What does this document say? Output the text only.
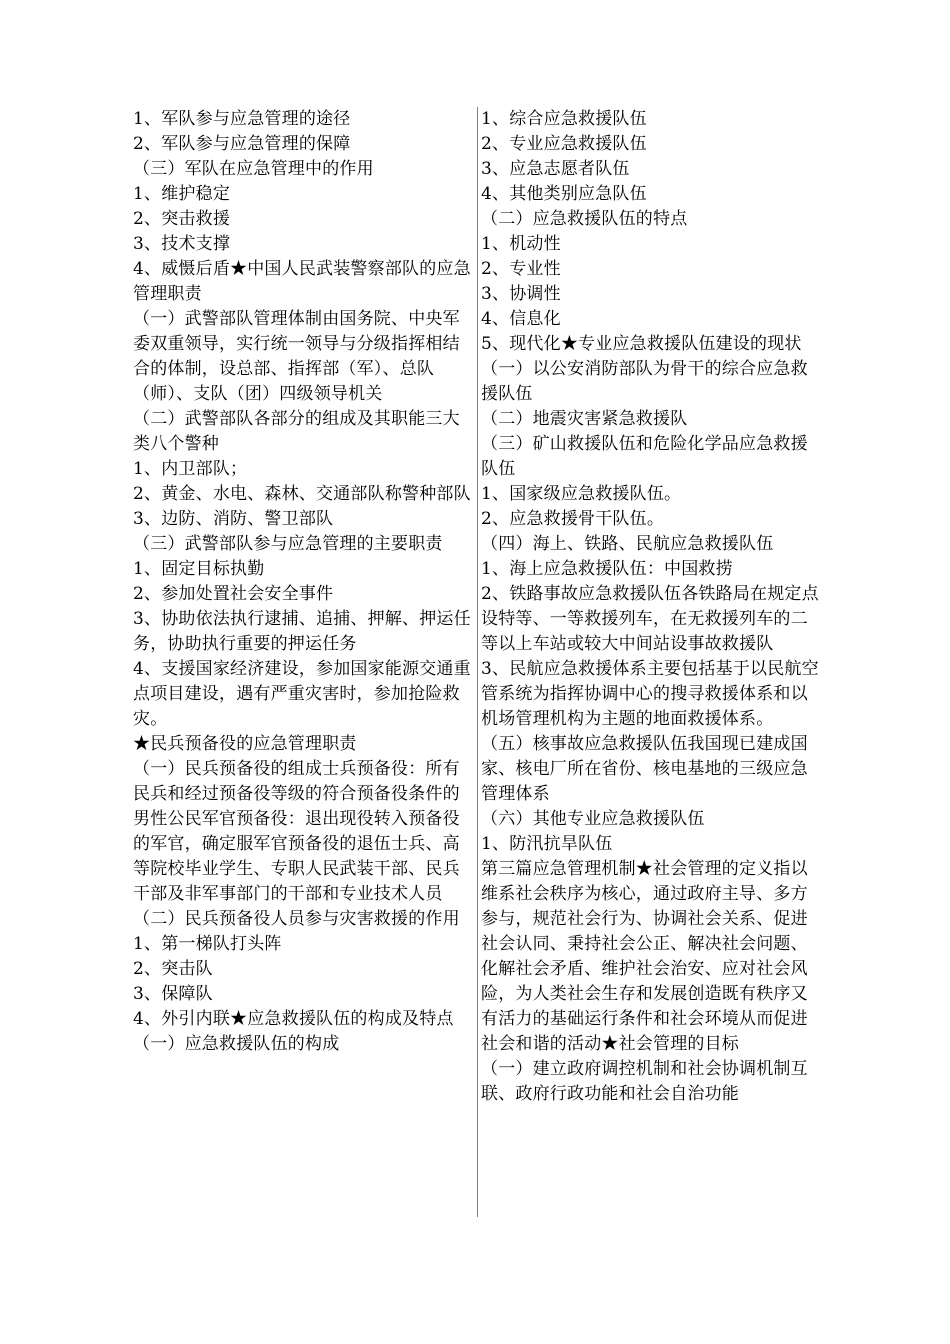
1、军队参与应急管理的途径

2、军队参与应急管理的保障

（三）军队在应急管理中的作用

1、维护稳定

2、突击救援

3、技术支撑

4、威慑后盾★中国人民武装警察部队的应急管理职责

（一）武警部队管理体制由国务院、中央军委双重领导，实行统一领导与分级指挥相结合的体制，设总部、指挥部（军）、总队（师）、支队（团）四级领导机关

（二）武警部队各部分的组成及其职能三大类八个警种

1、内卫部队；

2、黄金、水电、森林、交通部队称警种部队

3、边防、消防、警卫部队

（三）武警部队参与应急管理的主要职责

1、固定目标执勤

2、参加处置社会安全事件

3、协助依法执行逮捕、追捕、押解、押运任务，协助执行重要的押运任务

4、支援国家经济建设，参加国家能源交通重点项目建设，遇有严重灾害时，参加抢险救灾。

★民兵预备役的应急管理职责

（一）民兵预备役的组成士兵预备役：所有民兵和经过预备役等级的符合预备役条件的男性公民军官预备役：退出现役转入预备役的军官，确定服军官预备役的退伍士兵、高等院校毕业学生、专职人民武装干部、民兵干部及非军事部门的干部和专业技术人员

（二）民兵预备役人员参与灾害救援的作用

1、第一梯队打头阵

2、突击队

3、保障队

4、外引内联★应急救援队伍的构成及特点

（一）应急救援队伍的构成

1、综合应急救援队伍

2、专业应急救援队伍

3、应急志愿者队伍

4、其他类别应急队伍

（二）应急救援队伍的特点

1、机动性

2、专业性

3、协调性

4、信息化

5、现代化★专业应急救援队伍建设的现状

（一）以公安消防部队为骨干的综合应急救援队伍

（二）地震灾害紧急救援队

（三）矿山救援队伍和危险化学品应急救援队伍

1、国家级应急救援队伍。

2、应急救援骨干队伍。

（四）海上、铁路、民航应急救援队伍

1、海上应急救援队伍：中国救捞

2、铁路事故应急救援队伍各铁路局在规定点设特等、一等救援列车，在无救援列车的二等以上车站或较大中间站设事故救援队

3、民航应急救援体系主要包括基于以民航空管系统为指挥协调中心的搜寻救援体系和以机场管理机构为主题的地面救援体系。

（五）核事故应急救援队伍我国现已建成国家、核电厂所在省份、核电基地的三级应急管理体系

（六）其他专业应急救援队伍

1、防汛抗旱队伍

第三篇应急管理机制★社会管理的定义指以维系社会秩序为核心，通过政府主导、多方参与，规范社会行为、协调社会关系、促进社会认同、秉持社会公正、解决社会问题、化解社会矛盾、维护社会治安、应对社会风险，为人类社会生存和发展创造既有秩序又有活力的基础运行条件和社会环境从而促进社会和谐的活动★社会管理的目标

（一）建立政府调控机制和社会协调机制互联、政府行政功能和社会自治功能
